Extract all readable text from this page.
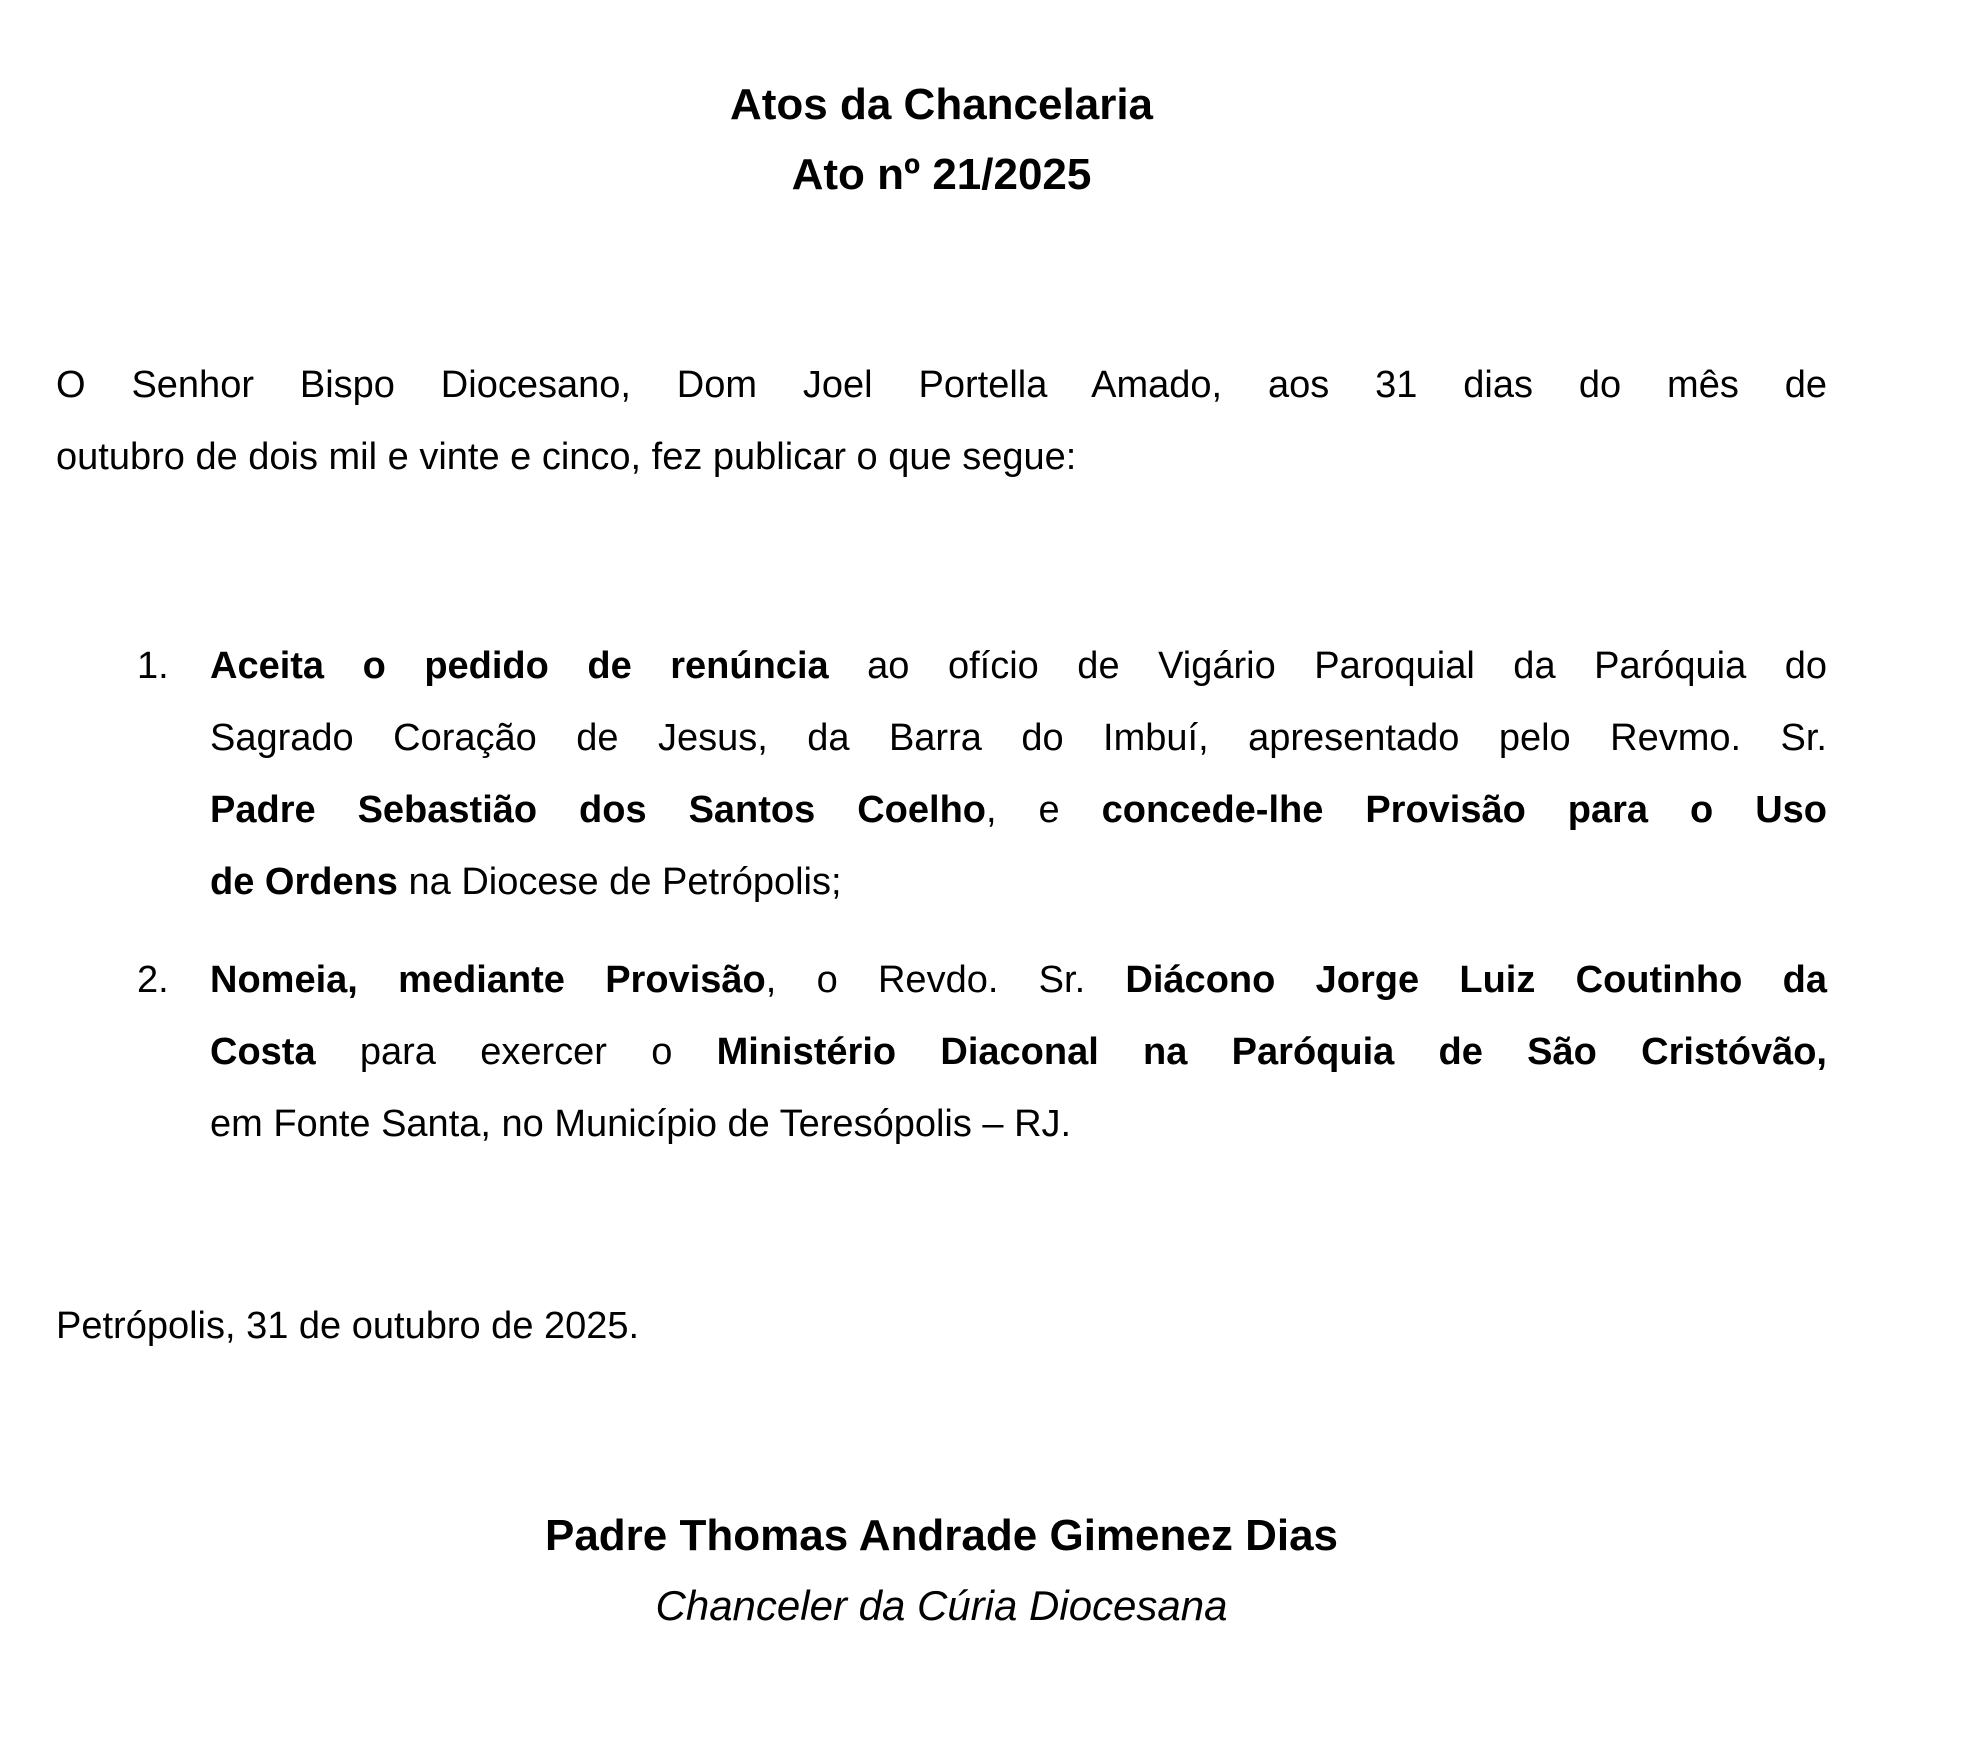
Atos da Chancelaria
Ato nº 21/2025
O Senhor Bispo Diocesano, Dom Joel Portella Amado, aos 31 dias do mês de
outubro de dois mil e vinte e cinco, fez publicar o que segue:
1.	Aceita o pedido de renúncia ao ofício de Vigário Paroquial da Paróquia do
Sagrado Coração de Jesus, da Barra do Imbuí, apresentado pelo Revmo. Sr.
Padre Sebastião dos Santos Coelho, e concede-lhe Provisão para o Uso
de Ordens na Diocese de Petrópolis;
2.	Nomeia, mediante Provisão, o Revdo. Sr. Diácono Jorge Luiz Coutinho da
Costa para exercer o Ministério Diaconal na Paróquia de São Cristóvão,
em Fonte Santa, no Município de Teresópolis – RJ.
Petrópolis, 31 de outubro de 2025.
Padre Thomas Andrade Gimenez Dias
Chanceler da Cúria Diocesana
